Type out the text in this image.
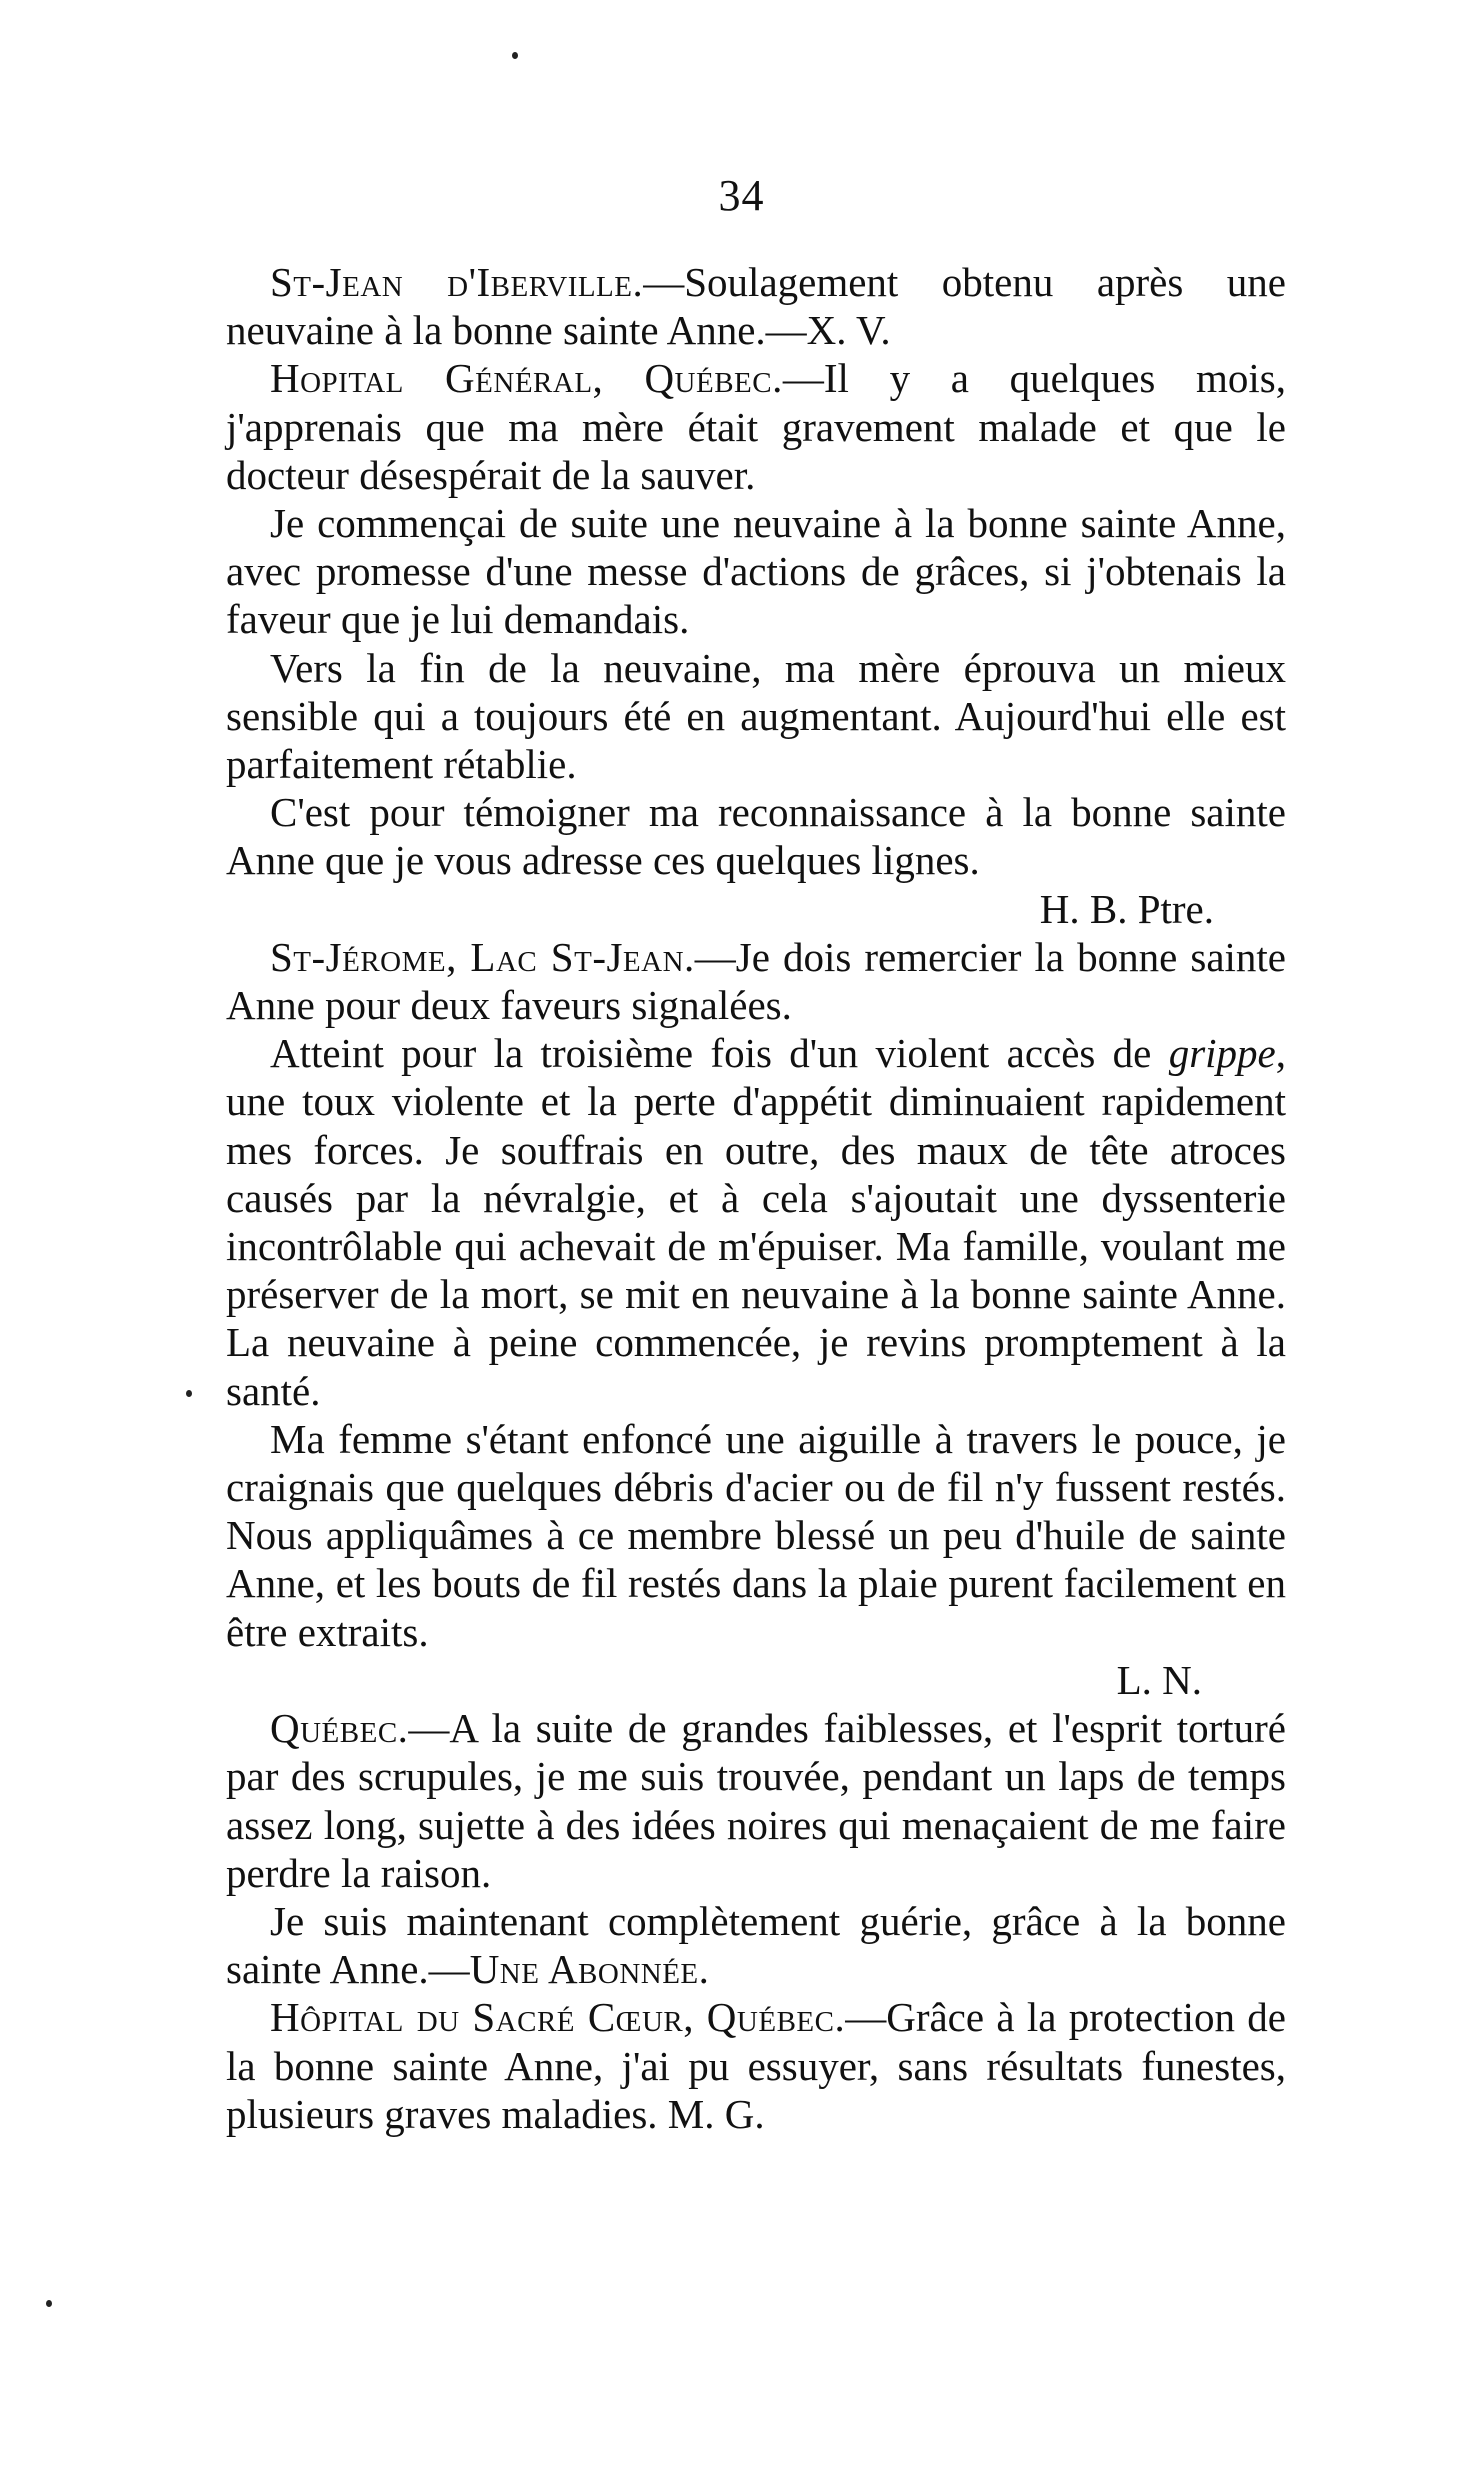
34

St-Jean d'Iberville.—Soulagement obtenu après une neuvaine à la bonne sainte Anne.—X. V.

Hopital Général, Québec.—Il y a quelques mois, j'apprenais que ma mère était gravement malade et que le docteur désespérait de la sauver.

Je commençai de suite une neuvaine à la bonne sainte Anne, avec promesse d'une messe d'actions de grâces, si j'obtenais la faveur que je lui demandais.

Vers la fin de la neuvaine, ma mère éprouva un mieux sensible qui a toujours été en augmentant. Aujourd'hui elle est parfaitement rétablie.

C'est pour témoigner ma reconnaissance à la bonne sainte Anne que je vous adresse ces quelques lignes.

H. B. Ptre.

St-Jérome, Lac St-Jean.—Je dois remercier la bonne sainte Anne pour deux faveurs signalées.

Atteint pour la troisième fois d'un violent accès de grippe, une toux violente et la perte d'appétit diminuaient rapidement mes forces. Je souffrais en outre, des maux de tête atroces causés par la névralgie, et à cela s'ajoutait une dyssenterie incontrôlable qui achevait de m'épuiser. Ma famille, voulant me préserver de la mort, se mit en neuvaine à la bonne sainte Anne. La neuvaine à peine commencée, je revins promptement à la santé.

Ma femme s'étant enfoncé une aiguille à travers le pouce, je craignais que quelques débris d'acier ou de fil n'y fussent restés. Nous appliquâmes à ce membre blessé un peu d'huile de sainte Anne, et les bouts de fil restés dans la plaie purent facilement en être extraits.

L. N.

Québec.—A la suite de grandes faiblesses, et l'esprit torturé par des scrupules, je me suis trouvée, pendant un laps de temps assez long, sujette à des idées noires qui menaçaient de me faire perdre la raison.

Je suis maintenant complètement guérie, grâce à la bonne sainte Anne.—Une Abonnée.

Hôpital du Sacré Cœur, Québec.—Grâce à la protection de la bonne sainte Anne, j'ai pu essuyer, sans résultats funestes, plusieurs graves maladies. M. G.
